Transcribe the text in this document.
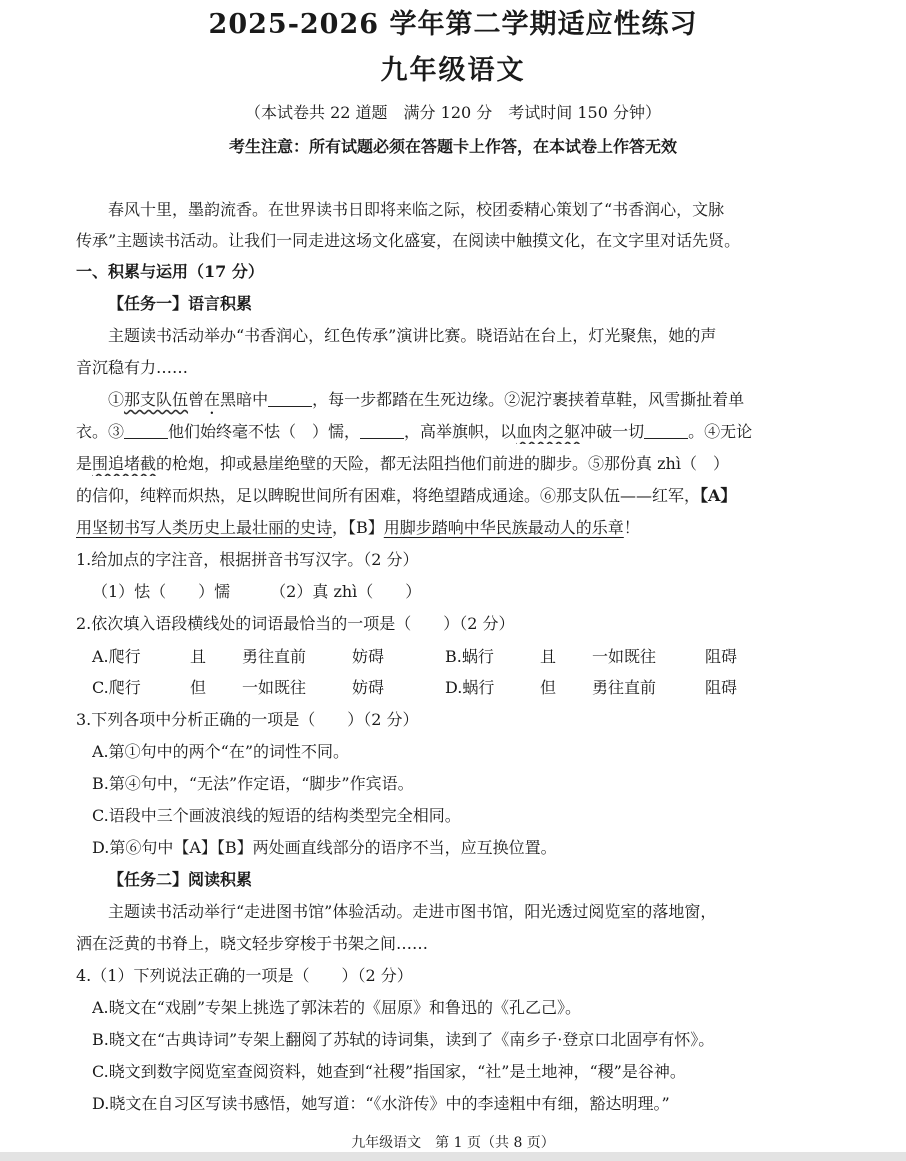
2025-2026 学年第二学期适应性练习
九年级语文
（本试卷共 22 道题　满分 120 分　考试时间 150 分钟）
考生注意：所有试题必须在答题卡上作答，在本试卷上作答无效
春风十里，墨韵流香。在世界读书日即将来临之际，校团委精心策划了“书香润心，文脉
传承”主题读书活动。让我们一同走进这场文化盛宴，在阅读中触摸文化，在文字里对话先贤。
一、积累与运用（17 分）
【任务一】语言积累
主题读书活动举办“书香润心，红色传承”演讲比赛。晓语站在台上，灯光聚焦，她的声
音沉稳有力……
①那支队伍曾在黑暗中	，每一步都踏在生死边缘。②泥泞裹挟着草鞋，风雪撕扯着单
衣。③	他们始终毫不怯（　）懦，	，高举旗帜，以血肉之躯冲破一切	。④无论
是围追堵截的枪炮，抑或悬崖绝壁的天险，都无法阻挡他们前进的脚步。⑤那份真 zhì（　）
的信仰，纯粹而炽热，足以睥睨世间所有困难，将绝望踏成通途。⑥那支队伍——红军，【A】
用坚韧书写人类历史上最壮丽的史诗，【B】用脚步踏响中华民族最动人的乐章！
1.给加点的字注音，根据拼音书写汉字。（2 分）
（1）怯（　　）懦　　　（2）真 zhì（　　）
2.依次填入语段横线处的词语最恰当的一项是（　　）（2 分）
A.爬行	且 勇往直前	妨碍	B.蜗行	且 一如既往	阻碍
C.爬行	但 一如既往	妨碍	D.蜗行	但 勇往直前	阻碍
3.下列各项中分析正确的一项是（　　）（2 分）
A.第①句中的两个“在”的词性不同。
B.第④句中，“无法”作定语，“脚步”作宾语。
C.语段中三个画波浪线的短语的结构类型完全相同。
D.第⑥句中【A】【B】两处画直线部分的语序不当，应互换位置。
【任务二】阅读积累
主题读书活动举行“走进图书馆”体验活动。走进市图书馆，阳光透过阅览室的落地窗，
洒在泛黄的书脊上，晓文轻步穿梭于书架之间……
4.（1）下列说法正确的一项是（　　）（2 分）
A.晓文在“戏剧”专架上挑选了郭沫若的《屈原》和鲁迅的《孔乙己》。
B.晓文在“古典诗词”专架上翻阅了苏轼的诗词集，读到了《南乡子·登京口北固亭有怀》。
C.晓文到数字阅览室查阅资料，她查到“社稷”指国家，“社”是土地神，“稷”是谷神。
D.晓文在自习区写读书感悟，她写道：“《水浒传》中的李逵粗中有细，豁达明理。”
九年级语文　第 1 页（共 8 页）
